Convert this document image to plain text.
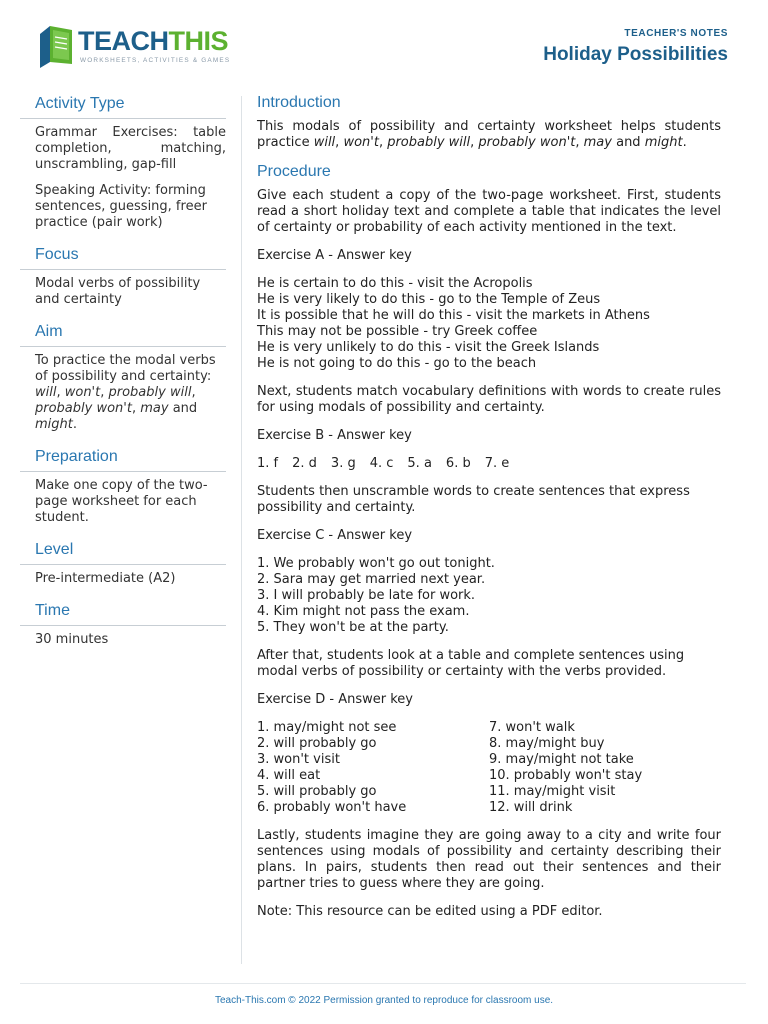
TEACHTHIS
WORKSHEETS, ACTIVITIES & GAMES
TEACHER'S NOTES
Holiday Possibilities
Activity Type

Grammar Exercises: table completion, matching, unscrambling, gap-fill

Speaking Activity: forming sentences, guessing, freer practice (pair work)

Focus

Modal verbs of possibility and certainty

Aim

To practice the modal verbs of possibility and certainty: will, won't, probably will, probably won't, may and might.

Preparation

Make one copy of the two-page worksheet for each student.

Level

Pre-intermediate (A2)

Time

30 minutes

Introduction

This modals of possibility and certainty worksheet helps students practice will, won't, probably will, probably won't, may and might.

Procedure

Give each student a copy of the two-page worksheet. First, students read a short holiday text and complete a table that indicates the level of certainty or probability of each activity mentioned in the text.

Exercise A - Answer key

He is certain to do this - visit the Acropolis
He is very likely to do this - go to the Temple of Zeus
It is possible that he will do this - visit the markets in Athens
This may not be possible - try Greek coffee
He is very unlikely to do this - visit the Greek Islands
He is not going to do this - go to the beach

Next, students match vocabulary definitions with words to create rules for using modals of possibility and certainty.

Exercise B - Answer key

1. f 2. d 3. g 4. c 5. a 6. b 7. e

Students then unscramble words to create sentences that express possibility and certainty.

Exercise C - Answer key

1. We probably won't go out tonight.
2. Sara may get married next year.
3. I will probably be late for work.
4. Kim might not pass the exam.
5. They won't be at the party.

After that, students look at a table and complete sentences using modal verbs of possibility or certainty with the verbs provided.

Exercise D - Answer key

1. may/might not see
2. will probably go
3. won't visit
4. will eat
5. will probably go
6. probably won't have
7. won't walk
8. may/might buy
9. may/might not take
10. probably won't stay
11. may/might visit
12. will drink

Lastly, students imagine they are going away to a city and write four sentences using modals of possibility and certainty describing their plans. In pairs, students then read out their sentences and their partner tries to guess where they are going.

Note: This resource can be edited using a PDF editor.

Teach-This.com © 2022 Permission granted to reproduce for classroom use.
